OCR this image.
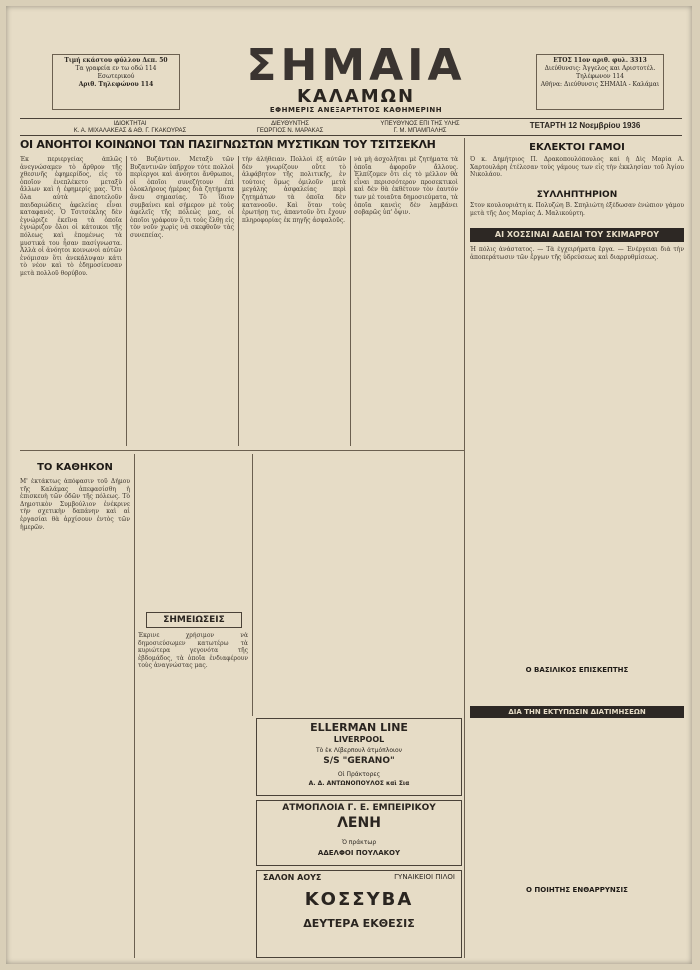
Τιμή εκάστου φύλλου Δεπ. 50
Τα γραφεία εν τω οδώ 114
Εσωτερικού
Αριθ. Τηλεφώνου 114
ΕΤΟΣ 11ον αριθ. φυλ. 3313
Διεύθυνσις: Άγγελος και Αριστοτέλ.
Τηλέφωνον 114
Αθήνα: Διεύθυνσις ΣΗΜΑΙΑ - Καλάμαι
ΣΗΜΑΙΑ
ΚΑΛΑΜΩΝ
ΕΦΗΜΕΡΙΣ ΑΝΕΞΑΡΤΗΤΟΣ ΚΑΘΗΜΕΡΙΝΗ
ΙΔΙΟΚΤΗΤΑΙ
Κ. Α. ΜΙΧΑΛΑΚΕΑΣ & ΑΘ. Γ. ΓΚΑΚΟΥΡΑΣ
ΔΙΕΥΘΥΝΤΗΣ
ΓΕΩΡΓΙΟΣ Ν. ΜΑΡΑΚΑΣ
ΥΠΕΥΘΥΝΟΣ ΕΠΙ ΤΗΣ ΥΛΗΣ
Γ. Μ. ΜΠΑΜΠΑΛΗΣ
ΤΕΤΑΡΤΗ 12 Νοεμβρίου 1936
ΟΙ ΑΝΟΗΤΟΙ ΚΟΙΝΩΝΟΙ ΤΩΝ ΠΑΣΙΓΝΩΣΤΩΝ ΜΥΣΤΙΚΩΝ ΤΟΥ ΤΣΙΤΣΕΚΛΗ
Ἐκ περιεργείας ἁπλῶς ἀνεγνώσαμεν τὸ ἄρθρον τῆς χθεσινῆς ἐφημερίδος, εἰς τὸ ὁποῖον ἐνεπλέκετο μεταξὺ ἄλλων καὶ ἡ ἐφημερίς μας. Ὅτι ὅλα αὐτὰ ἀποτελοῦν παιδαριώδεις ἀφελείας εἶναι καταφανές. Ὁ Τσιτσέκλης δὲν ἐγνώριζε ἐκεῖνα τὰ ὁποῖα ἐγνώριζον ὅλοι οἱ κάτοικοι τῆς πόλεως καὶ ἐπομένως τὰ μυστικά του ἦσαν πασίγνωστα. Ἀλλὰ οἱ ἀνόητοι κοινωνοὶ αὐτῶν ἐνόμισαν ὅτι ἀνεκάλυψαν κάτι τὸ νέον καὶ τὸ ἐδημοσίευσαν μετὰ πολλοῦ θορύβου.
τὸ Βυζάντιον. Μεταξὺ τῶν Βυζαντινῶν ὑπῆρχον τότε πολλοὶ περίεργοι καὶ ἀνόητοι ἄνθρωποι, οἱ ὁποῖοι συνεζήτουν ἐπὶ ὁλοκλήρους ἡμέρας διὰ ζητήματα ἄνευ σημασίας. Τὸ ἴδιον συμβαίνει καὶ σήμερον μὲ τοὺς ἀφελεῖς τῆς πόλεώς μας, οἱ ὁποῖοι γράφουν ὅ,τι τοὺς ἔλθῃ εἰς τὸν νοῦν χωρὶς νὰ σκεφθοῦν τὰς συνεπείας.
τὴν ἀλήθειαν. Πολλοὶ ἐξ αὐτῶν δὲν γνωρίζουν οὔτε τὸ ἀλφάβητον τῆς πολιτικῆς, ἐν τούτοις ὅμως ὁμιλοῦν μετὰ μεγάλης ἀσφαλείας περὶ ζητημάτων τὰ ὁποῖα δὲν κατανοοῦν. Καὶ ὅταν τοὺς ἐρωτήσῃ τις, ἀπαντοῦν ὅτι ἔχουν πληροφορίας ἐκ πηγῆς ἀσφαλοῦς.
νὰ μὴ ἀσχολῆται μὲ ζητήματα τὰ ὁποῖα ἀφοροῦν ἄλλους. Ἐλπίζομεν ὅτι εἰς τὸ μέλλον θὰ εἶναι περισσότερον προσεκτικοὶ καὶ δὲν θὰ ἐκθέτουν τὸν ἑαυτόν των μὲ τοιαῦτα δημοσιεύματα, τὰ ὁποῖα κανεὶς δὲν λαμβάνει σοβαρῶς ὑπ' ὄψιν.
ΕΚΛΕΚΤΟΙ ΓΑΜΟΙ
Ὁ κ. Δημήτριος Π. Δρακοπουλόπουλος καὶ ἡ Δὶς Μαρία Α. Χαρτουλάρη ἐτέλεσαν τοὺς γάμους των εἰς τὴν ἐκκλησίαν τοῦ Ἁγίου Νικολάου.
ΣΥΛΛΗΠΤΗΡΙΟΝ
Στον κουλουριάτη κ. Πολυζώη Β. Σπηλιώτη ἐξέδωσαν ἐνώπιον γάμου μετὰ τῆς Δος Μαρίας Δ. Μαλικούρτη.
ΑΙ ΧΟΣΣΙΝΑΙ ΑΔΕΙΑΙ ΤΟΥ ΣΚΙΜΑΡΡΟΥ
Ἡ πόλις ἀνάστατος. — Τὰ ἐγχειρήματα ἔργα. — Ἐνέργειαι διὰ τὴν ἀποπεράτωσιν τῶν ἔργων τῆς ὑδρεύσεως καὶ διαρρυθμίσεως.
ΤΟ ΚΑΘΗΚΟΝ
Μ' ἐκτάκτως ἀπόφασιν τοῦ Δήμου τῆς Καλάμας ἀπεφασίσθη ἡ ἐπισκευὴ τῶν ὁδῶν τῆς πόλεως. Τὸ Δημοτικὸν Συμβούλιον ἐνέκρινε τὴν σχετικὴν δαπάνην καὶ αἱ ἐργασίαι θὰ ἀρχίσουν ἐντὸς τῶν ἡμερῶν.
ΣΗΜΕΙΩΣΕΙΣ
Ἐκρινε χρήσιμον νὰ δημοσιεύσωμεν κατωτέρω τὰ κυριώτερα γεγονότα τῆς ἑβδομάδος, τὰ ὁποῖα ἐνδιαφέρουν τοὺς ἀναγνώστας μας.
ELLERMAN LINE
LIVERPOOL
Τὸ ἐκ Λίβερπουλ ἀτμόπλοιον
S/S "GERANO"
Οἱ Πράκτορες
Α. Δ. ΑΝΤΩΝΟΠΟΥΛΟΣ καὶ Σια
ΑΤΜΟΠΛΟΙΑ Γ. Ε. ΕΜΠΕΙΡΙΚΟΥ
ΛΕΝΗ
Ὁ πράκτωρ
ΑΔΕΛΦΟΙ ΠΟΥΛΑΚΟΥ
ΣΑΛΟΝ ΑΟΥΣ	ΓΥΝΑΙΚΕΙΟΙ ΠΙΛΟΙ
ΚΟΣΣΥΒΑ
ΔΕΥΤΕΡΑ ΕΚΘΕΣΙΣ
Ο ΒΑΣΙΛΙΚΟΣ ΕΠΙΣΚΕΠΤΗΣ
ΔΙΑ ΤΗΝ ΕΚΤΥΠΩΣΙΝ ΔΙΑΤΙΜΗΣΕΩΝ
Ο ΠΟΙΗΤΗΣ ΕΝΘΑΡΡΥΝΣΙΣ
